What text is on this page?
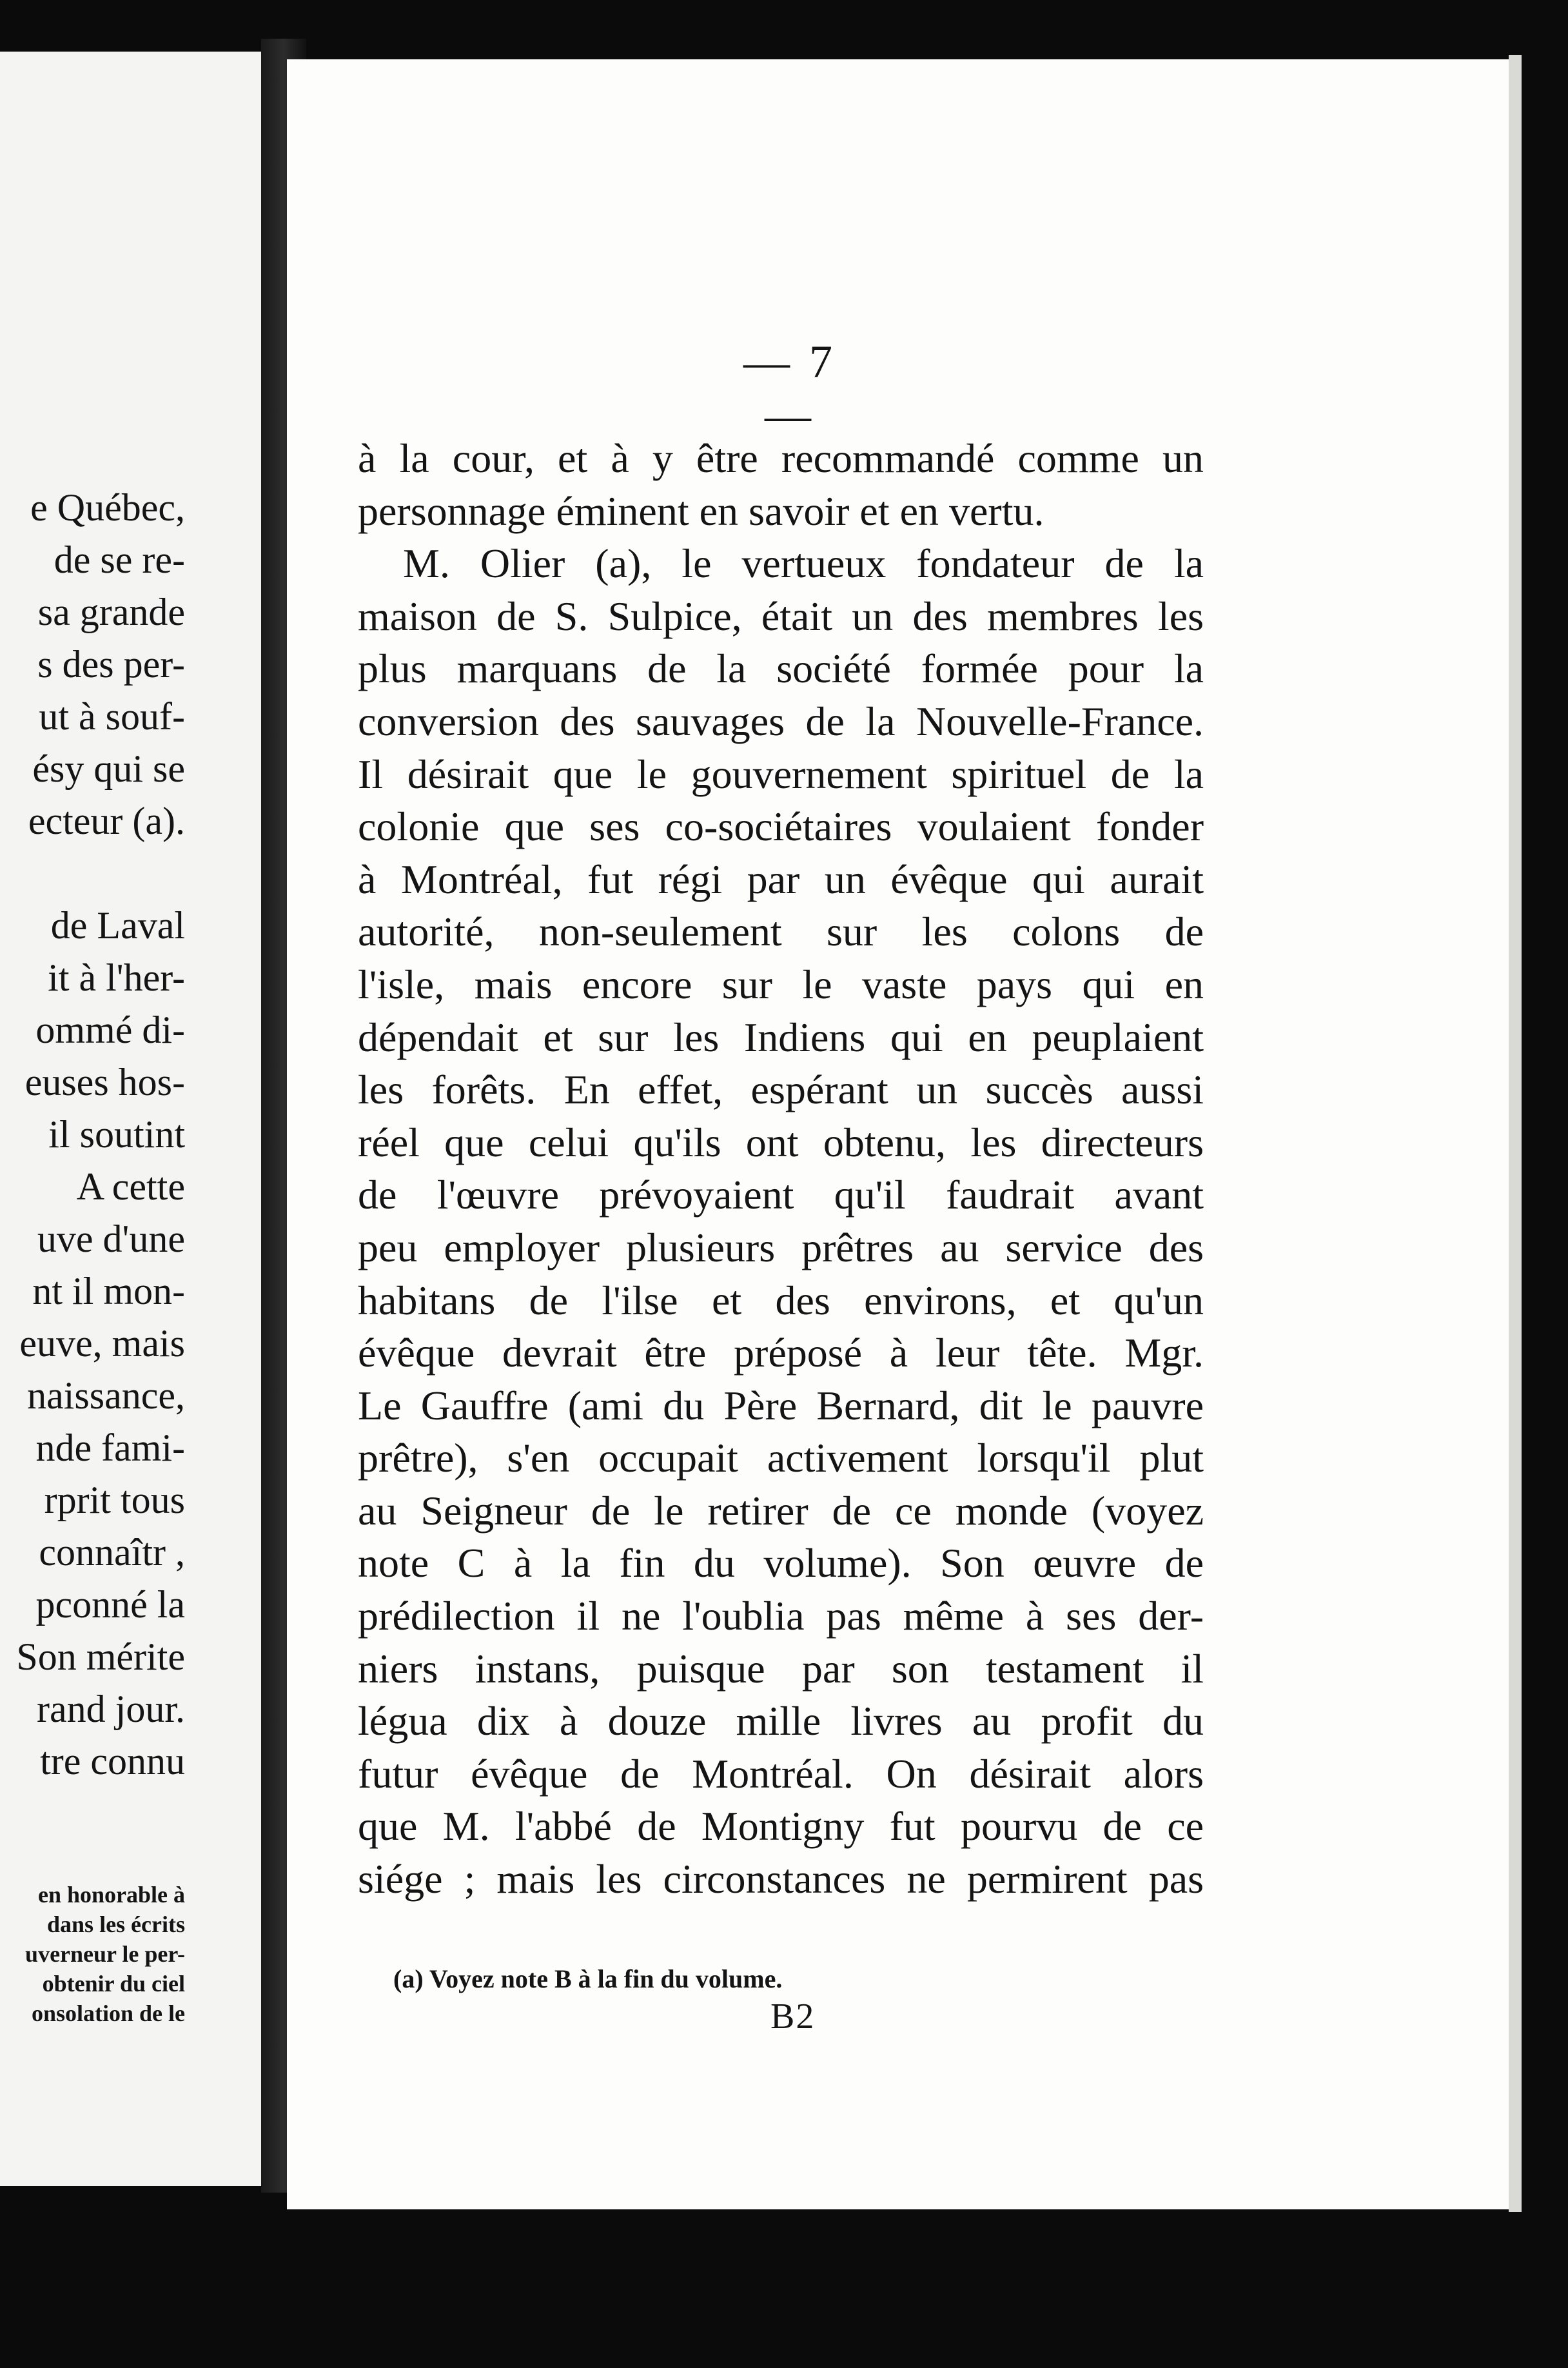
e Québec,
de se re-
sa grande
s des per-
ut à souf-
ésy qui se
ecteur (a).
de Laval
it à l'her-
ommé di-
euses hos-
il soutint
A cette
uve d'une
nt il mon-
euve, mais
naissance,
nde fami-
rprit tous
connaîtr ,
pconné la
Son mérite
rand jour.
tre connu
en honorable à
dans les écrits
uverneur le per-
obtenir du ciel
onsolation de le
— 7 —
à la cour, et à y être recommandé comme un
personnage éminent en savoir et en vertu.
M. Olier (a), le vertueux fondateur de la
maison de S. Sulpice, était un des membres les
plus marquans de la société formée pour la
conversion des sauvages de la Nouvelle-France.
Il désirait que le gouvernement spirituel de la
colonie que ses co-sociétaires voulaient fonder
à Montréal, fut régi par un évêque qui aurait
autorité, non-seulement sur les colons de
l'isle, mais encore sur le vaste pays qui en
dépendait et sur les Indiens qui en peuplaient
les forêts. En effet, espérant un succès aussi
réel que celui qu'ils ont obtenu, les directeurs
de l'œuvre prévoyaient qu'il faudrait avant
peu employer plusieurs prêtres au service des
habitans de l'ilse et des environs, et qu'un
évêque devrait être préposé à leur tête. Mgr.
Le Gauffre (ami du Père Bernard, dit le pauvre
prêtre), s'en occupait activement lorsqu'il plut
au Seigneur de le retirer de ce monde (voyez
note C à la fin du volume). Son œuvre de
prédilection il ne l'oublia pas même à ses der-
niers instans, puisque par son testament il
légua dix à douze mille livres au profit du
futur évêque de Montréal. On désirait alors
que M. l'abbé de Montigny fut pourvu de ce
siége ; mais les circonstances ne permirent pas
(a) Voyez note B à la fin du volume.
B2
